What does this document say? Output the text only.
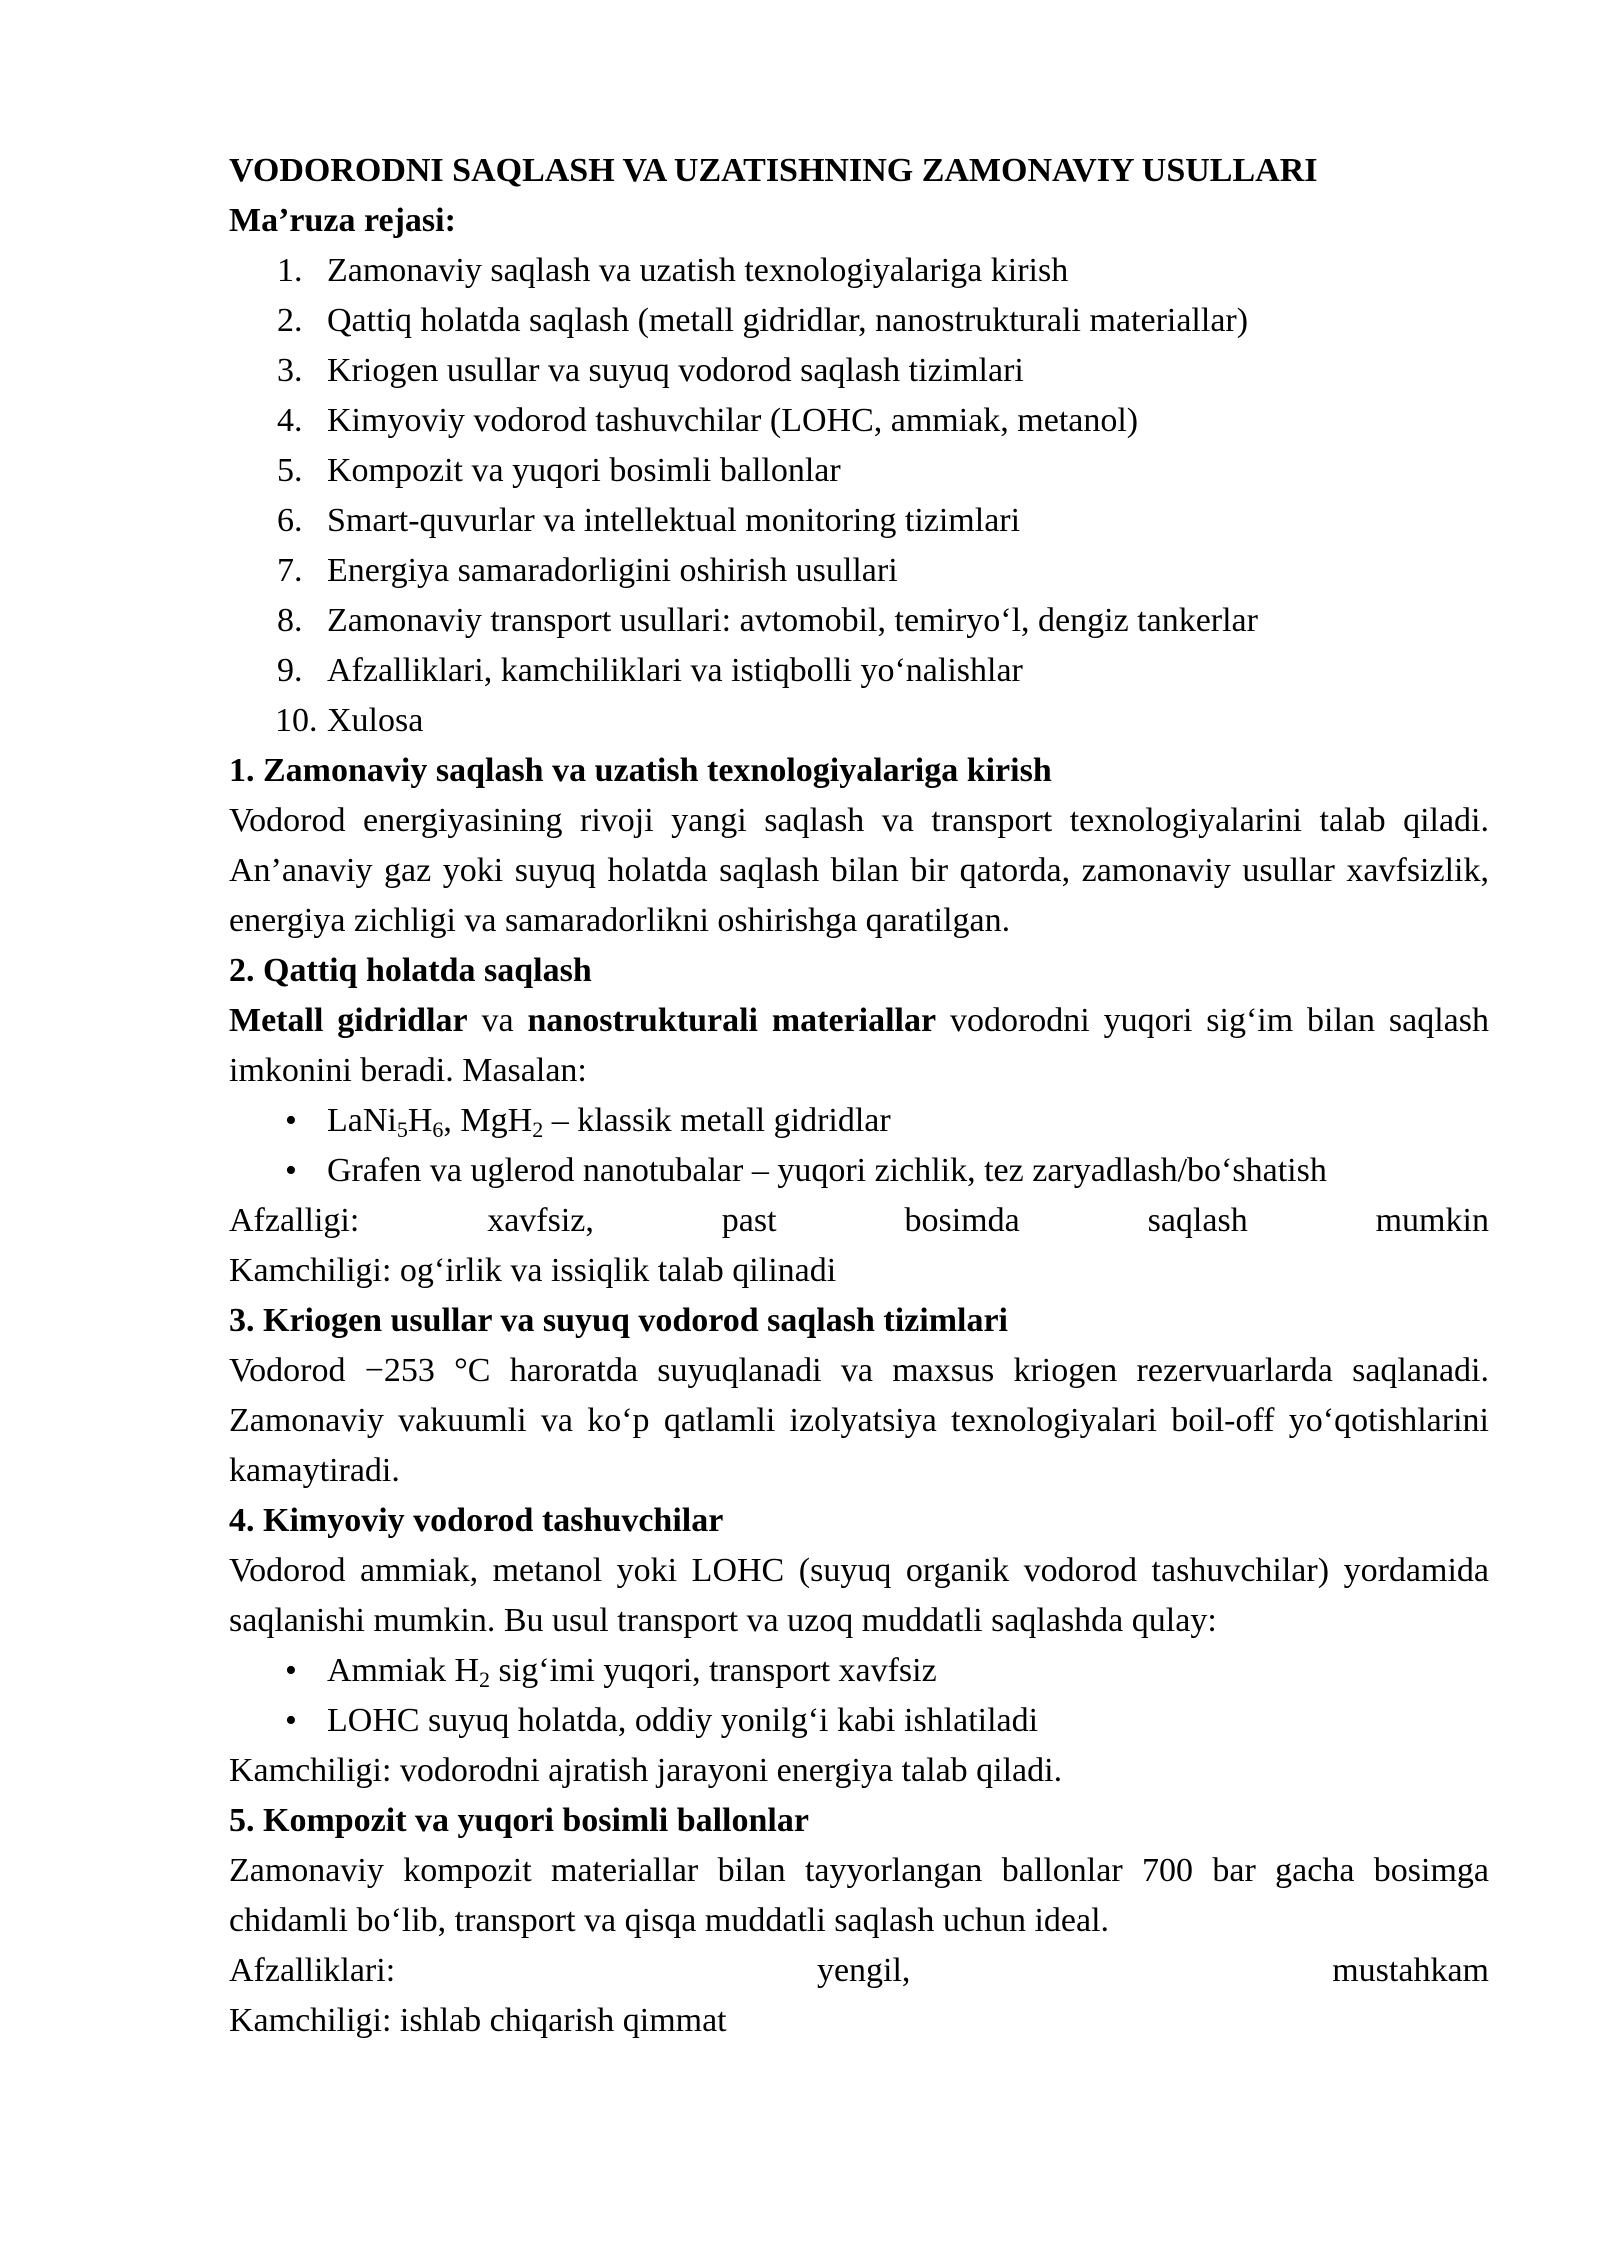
VODORODNI SAQLASH VA UZATISHNING ZAMONAVIY USULLARI
Ma’ruza rejasi:
1. Zamonaviy saqlash va uzatish texnologiyalariga kirish
2. Qattiq holatda saqlash (metall gidridlar, nanostrukturali materiallar)
3. Kriogen usullar va suyuq vodorod saqlash tizimlari
4. Kimyoviy vodorod tashuvchilar (LOHC, ammiak, metanol)
5. Kompozit va yuqori bosimli ballonlar
6. Smart-quvurlar va intellektual monitoring tizimlari
7. Energiya samaradorligini oshirish usullari
8. Zamonaviy transport usullari: avtomobil, temiryo‘l, dengiz tankerlar
9. Afzalliklari, kamchiliklari va istiqbolli yo‘nalishlar
10. Xulosa
1. Zamonaviy saqlash va uzatish texnologiyalariga kirish

Vodorod energiyasining rivoji yangi saqlash va transport texnologiyalarini talab qiladi. An’anaviy gaz yoki suyuq holatda saqlash bilan bir qatorda, zamonaviy usullar xavfsizlik, energiya zichligi va samaradorlikni oshirishga qaratilgan.

2. Qattiq holatda saqlash

Metall gidridlar va nanostrukturali materiallar vodorodni yuqori sig‘im bilan saqlash imkonini beradi. Masalan:

• $LaNi_5H_6$, MgH$_2$ – klassik metall gidridlar
• Grafen va uglerod nanotubalar – yuqori zichlik, tez zaryadlash/bo‘shatish
Afzalligi:	xavfsiz,	past	bosimda	saqlash	mumkin
Kamchiligi: og‘irlik va issiqlik talab qilinadi
3. Kriogen usullar va suyuq vodorod saqlash tizimlari

Vodorod −253 °C haroratda suyuqlanadi va maxsus kriogen rezervuarlarda saqlanadi. Zamonaviy vakuumli va ko‘p qatlamli izolyatsiya texnologiyalari boil-off yo‘qotishlarini kamaytiradi.

4. Kimyoviy vodorod tashuvchilar

Vodorod ammiak, metanol yoki LOHC (suyuq organik vodorod tashuvchilar) yordamida saqlanishi mumkin. Bu usul transport va uzoq muddatli saqlashda qulay:

• Ammiak $H_2$ sig‘imi yuqori, transport xavfsiz
• LOHC suyuq holatda, oddiy yonilg‘i kabi ishlatiladi
Kamchiligi: vodorodni ajratish jarayoni energiya talab qiladi.
5. Kompozit va yuqori bosimli ballonlar

Zamonaviy kompozit materiallar bilan tayyorlangan ballonlar 700 bar gacha bosimga chidamli bo‘lib, transport va qisqa muddatli saqlash uchun ideal.

Afzalliklari:	yengil,	mustahkam
Kamchiligi: ishlab chiqarish qimmat
